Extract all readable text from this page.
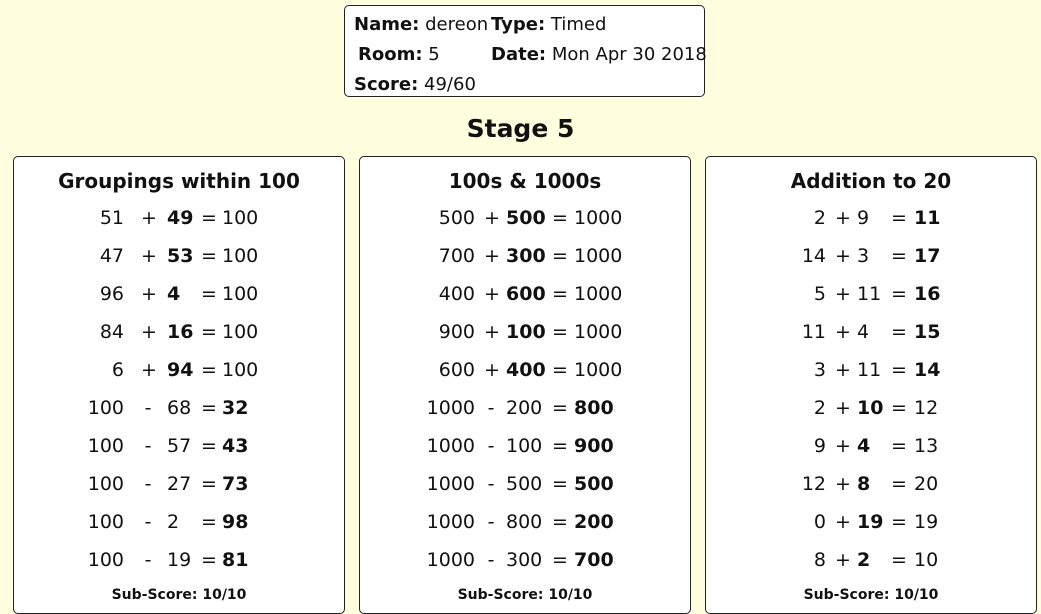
Name: dereon Type: Timed
Room: 5	Date: Mon Apr 30 2018
Score: 49/60
Stage 5
Groupings within 100
51 + 49 = 100
47 + 53 = 100
96 + 4 = 100
84 + 16 = 100
6 + 94 = 100
100 - 68 = 32
100 - 57 = 43
100 - 27 = 73
100 - 2 = 98
100 - 19 = 81
Sub-Score: 10/10
100s & 1000s
500 + 500 = 1000
700 + 300 = 1000
400 + 600 = 1000
900 + 100 = 1000
600 + 400 = 1000
1000 - 200 = 800
1000 - 100 = 900
1000 - 500 = 500
1000 - 800 = 200
1000 - 300 = 700
Sub-Score: 10/10
Addition to 20
2 + 9 = 11
14 + 3 = 17
5 + 11 = 16
11 + 4 = 15
3 + 11 = 14
2 + 10 = 12
9 + 4 = 13
12 + 8 = 20
0 + 19 = 19
8 + 2 = 10
Sub-Score: 10/10
